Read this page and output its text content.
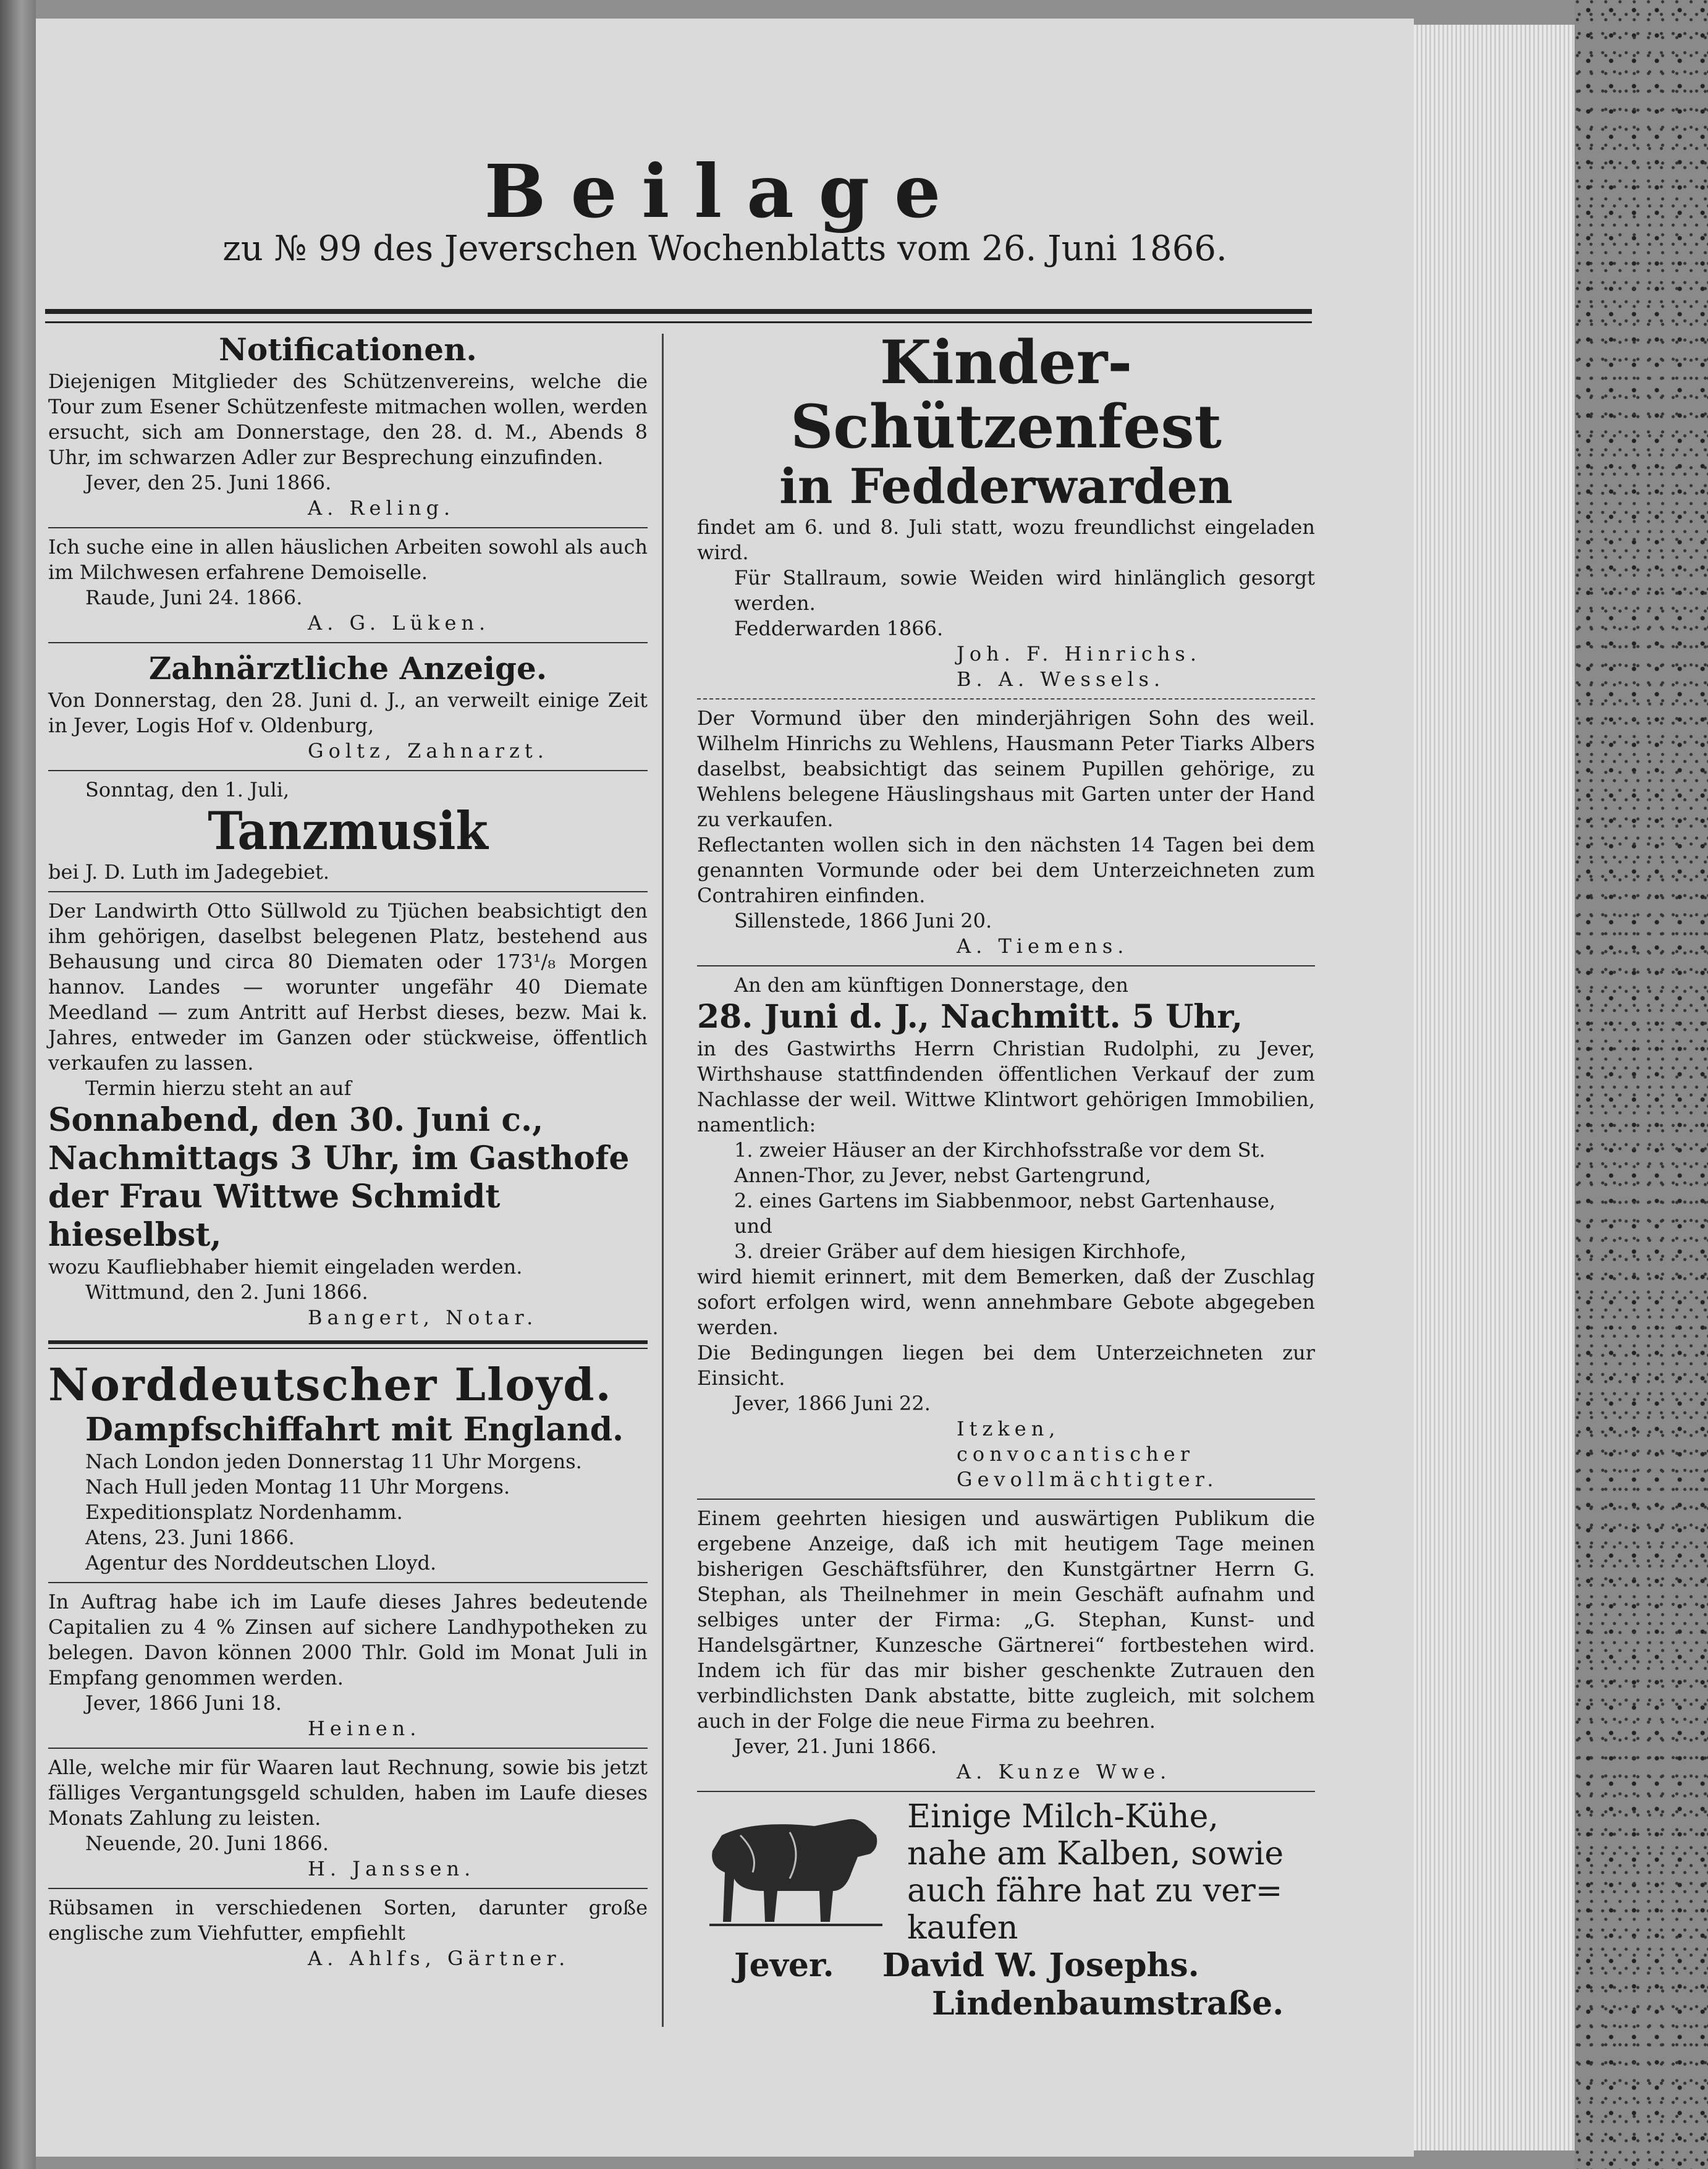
Beilage
zu № 99 des Jeverschen Wochenblatts vom 26. Juni 1866.
Notificationen.

Diejenigen Mitglieder des Schützenvereins, welche die Tour zum Esener Schützenfeste mitmachen wollen, werden ersucht, sich am Donnerstage, den 28. d. M., Abends 8 Uhr, im schwarzen Adler zur Besprechung einzufinden.

Jever, den 25. Juni 1866.

A. Reling.

Ich suche eine in allen häuslichen Arbeiten sowohl als auch im Milchwesen erfahrene Demoiselle.

Raude, Juni 24. 1866.

A. G. Lüken.

Zahnärztliche Anzeige.

Von Donnerstag, den 28. Juni d. J., an verweilt einige Zeit in Jever, Logis Hof v. Oldenburg,

Goltz, Zahnarzt.

Sonntag, den 1. Juli,

Tanzmusik

bei J. D. Luth im Jadegebiet.

Der Landwirth Otto Süllwold zu Tjüchen beabsichtigt den ihm gehörigen, daselbst belegenen Platz, bestehend aus Behausung und circa 80 Diematen oder 173¹/₈ Morgen hannov. Landes — worunter ungefähr 40 Diemate Meedland — zum Antritt auf Herbst dieses, bezw. Mai k. Jahres, entweder im Ganzen oder stückweise, öffentlich verkaufen zu lassen.

Termin hierzu steht an auf

Sonnabend, den 30. Juni c.,

Nachmittags 3 Uhr, im Gasthofe

der Frau Wittwe Schmidt hieselbst,

wozu Kaufliebhaber hiemit eingeladen werden.

Wittmund, den 2. Juni 1866.

Bangert, Notar.

Norddeutscher Lloyd.
Dampfschiffahrt mit England.

Nach London jeden Donnerstag 11 Uhr Morgens.

Nach Hull jeden Montag 11 Uhr Morgens.

Expeditionsplatz Nordenhamm.

Atens, 23. Juni 1866.

Agentur des Norddeutschen Lloyd.

In Auftrag habe ich im Laufe dieses Jahres bedeutende Capitalien zu 4 % Zinsen auf sichere Landhypotheken zu belegen. Davon können 2000 Thlr. Gold im Monat Juli in Empfang genommen werden.

Jever, 1866 Juni 18.

Heinen.

Alle, welche mir für Waaren laut Rechnung, sowie bis jetzt fälliges Vergantungsgeld schulden, haben im Laufe dieses Monats Zahlung zu leisten.

Neuende, 20. Juni 1866.

H. Janssen.

Rübsamen in verschiedenen Sorten, darunter große englische zum Viehfutter, empfiehlt

A. Ahlfs, Gärtner.

Kinder-Schützenfest
in Fedderwarden

findet am 6. und 8. Juli statt, wozu freundlichst eingeladen wird.

Für Stallraum, sowie Weiden wird hinlänglich gesorgt werden.

Fedderwarden 1866.

Joh. F. Hinrichs.

B. A. Wessels.

Der Vormund über den minderjährigen Sohn des weil. Wilhelm Hinrichs zu Wehlens, Hausmann Peter Tiarks Albers daselbst, beabsichtigt das seinem Pupillen gehörige, zu Wehlens belegene Häuslingshaus mit Garten unter der Hand zu verkaufen.

Reflectanten wollen sich in den nächsten 14 Tagen bei dem genannten Vormunde oder bei dem Unterzeichneten zum Contrahiren einfinden.

Sillenstede, 1866 Juni 20.

A. Tiemens.

An den am künftigen Donnerstage, den

28. Juni d. J., Nachmitt. 5 Uhr,

in des Gastwirths Herrn Christian Rudolphi, zu Jever, Wirthshause stattfindenden öffentlichen Verkauf der zum Nachlasse der weil. Wittwe Klintwort gehörigen Immobilien, namentlich:

1. zweier Häuser an der Kirchhofsstraße vor dem St. Annen-Thor, zu Jever, nebst Gartengrund,

2. eines Gartens im Siabbenmoor, nebst Gartenhause, und

3. dreier Gräber auf dem hiesigen Kirchhofe,

wird hiemit erinnert, mit dem Bemerken, daß der Zuschlag sofort erfolgen wird, wenn annehmbare Gebote abgegeben werden.

Die Bedingungen liegen bei dem Unterzeichneten zur Einsicht.

Jever, 1866 Juni 22.

Itzken,

convocantischer Gevollmächtigter.

Einem geehrten hiesigen und auswärtigen Publikum die ergebene Anzeige, daß ich mit heutigem Tage meinen bisherigen Geschäftsführer, den Kunstgärtner Herrn G. Stephan, als Theilnehmer in mein Geschäft aufnahm und selbiges unter der Firma: „G. Stephan, Kunst- und Handelsgärtner, Kunzesche Gärtnerei“ fortbestehen wird. Indem ich für das mir bisher geschenkte Zutrauen den verbindlichsten Dank abstatte, bitte zugleich, mit solchem auch in der Folge die neue Firma zu beehren.

Jever, 21. Juni 1866.

A. Kunze Wwe.

Einige Milch-Kühe,
nahe am Kalben, sowie
auch fähre hat zu ver=
kaufen
Jever. David W. Josephs.
Lindenbaumstraße.
